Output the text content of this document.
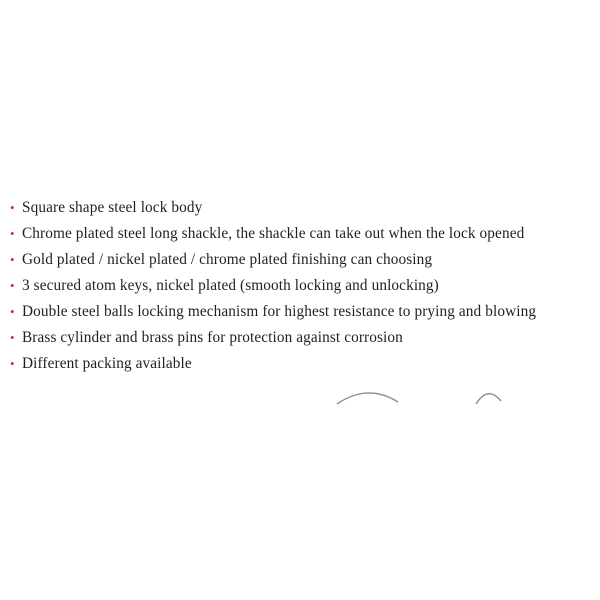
• Square shape steel lock body
• Chrome plated steel long shackle, the shackle can take out when the lock opened
• Gold plated / nickel plated / chrome plated finishing can choosing
• 3 secured atom keys, nickel plated (smooth locking and unlocking)
• Double steel balls locking mechanism for highest resistance to prying and blowing
• Brass cylinder and brass pins for protection against corrosion
• Different packing available
